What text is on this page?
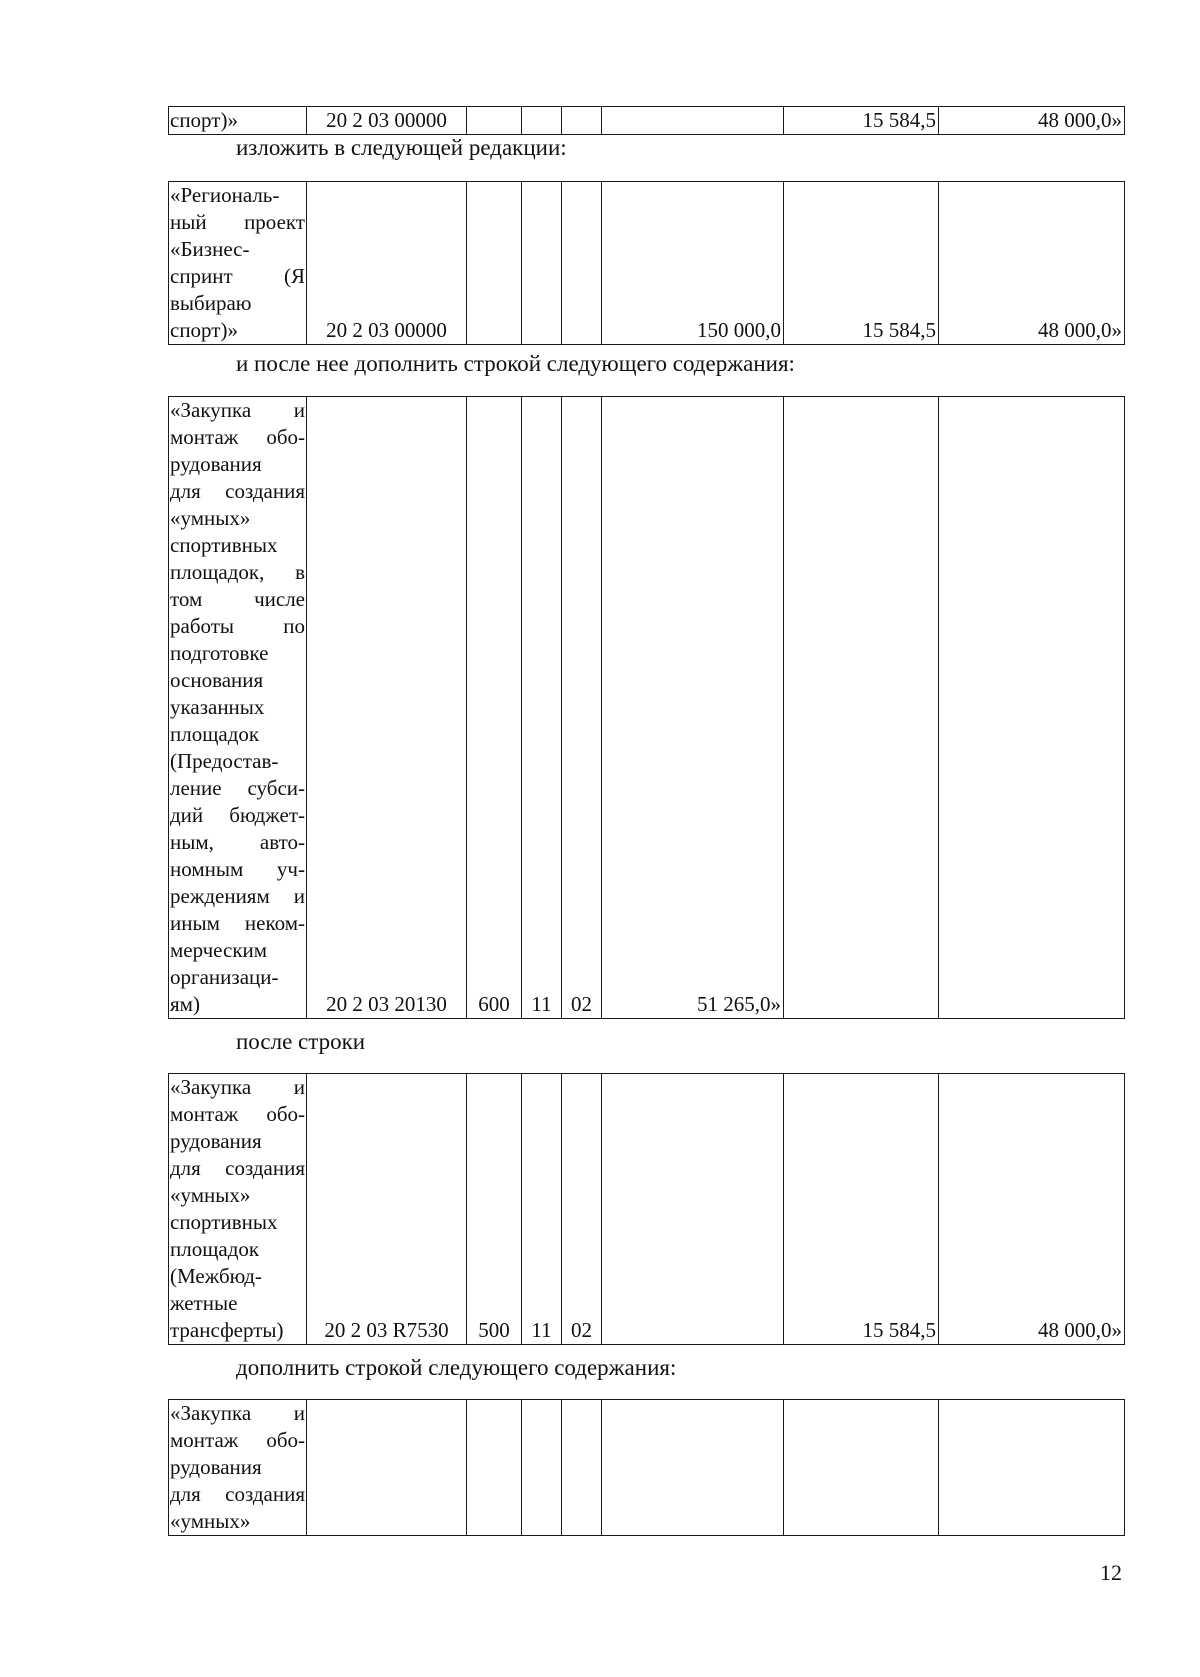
спорт)»	20 2 03 00000					15 584,5	48 000,0»
изложить в следующей редакции:
«Региональ-
ный проект
«Бизнес-
спринт (Я
выбираю
спорт)»	20 2 03 00000				150 000,0	15 584,5	48 000,0»
и после нее дополнить строкой следующего содержания:
«Закупка и
монтаж обо-
рудования
для создания
«умных»
спортивных
площадок, в
том числе
работы по
подготовке
основания
указанных
площадок
(Предостав-
ление субси-
дий бюджет-
ным, авто-
номным уч-
реждениям и
иным неком-
мерческим
организаци-
ям)	20 2 03 20130	600	11	02	51 265,0»		
после строки
«Закупка и
монтаж обо-
рудования
для создания
«умных»
спортивных
площадок
(Межбюд-
жетные
трансферты)	20 2 03 R7530	500	11	02		15 584,5	48 000,0»
дополнить строкой следующего содержания:
«Закупка и
монтаж обо-
рудования
для создания
«умных»

12
